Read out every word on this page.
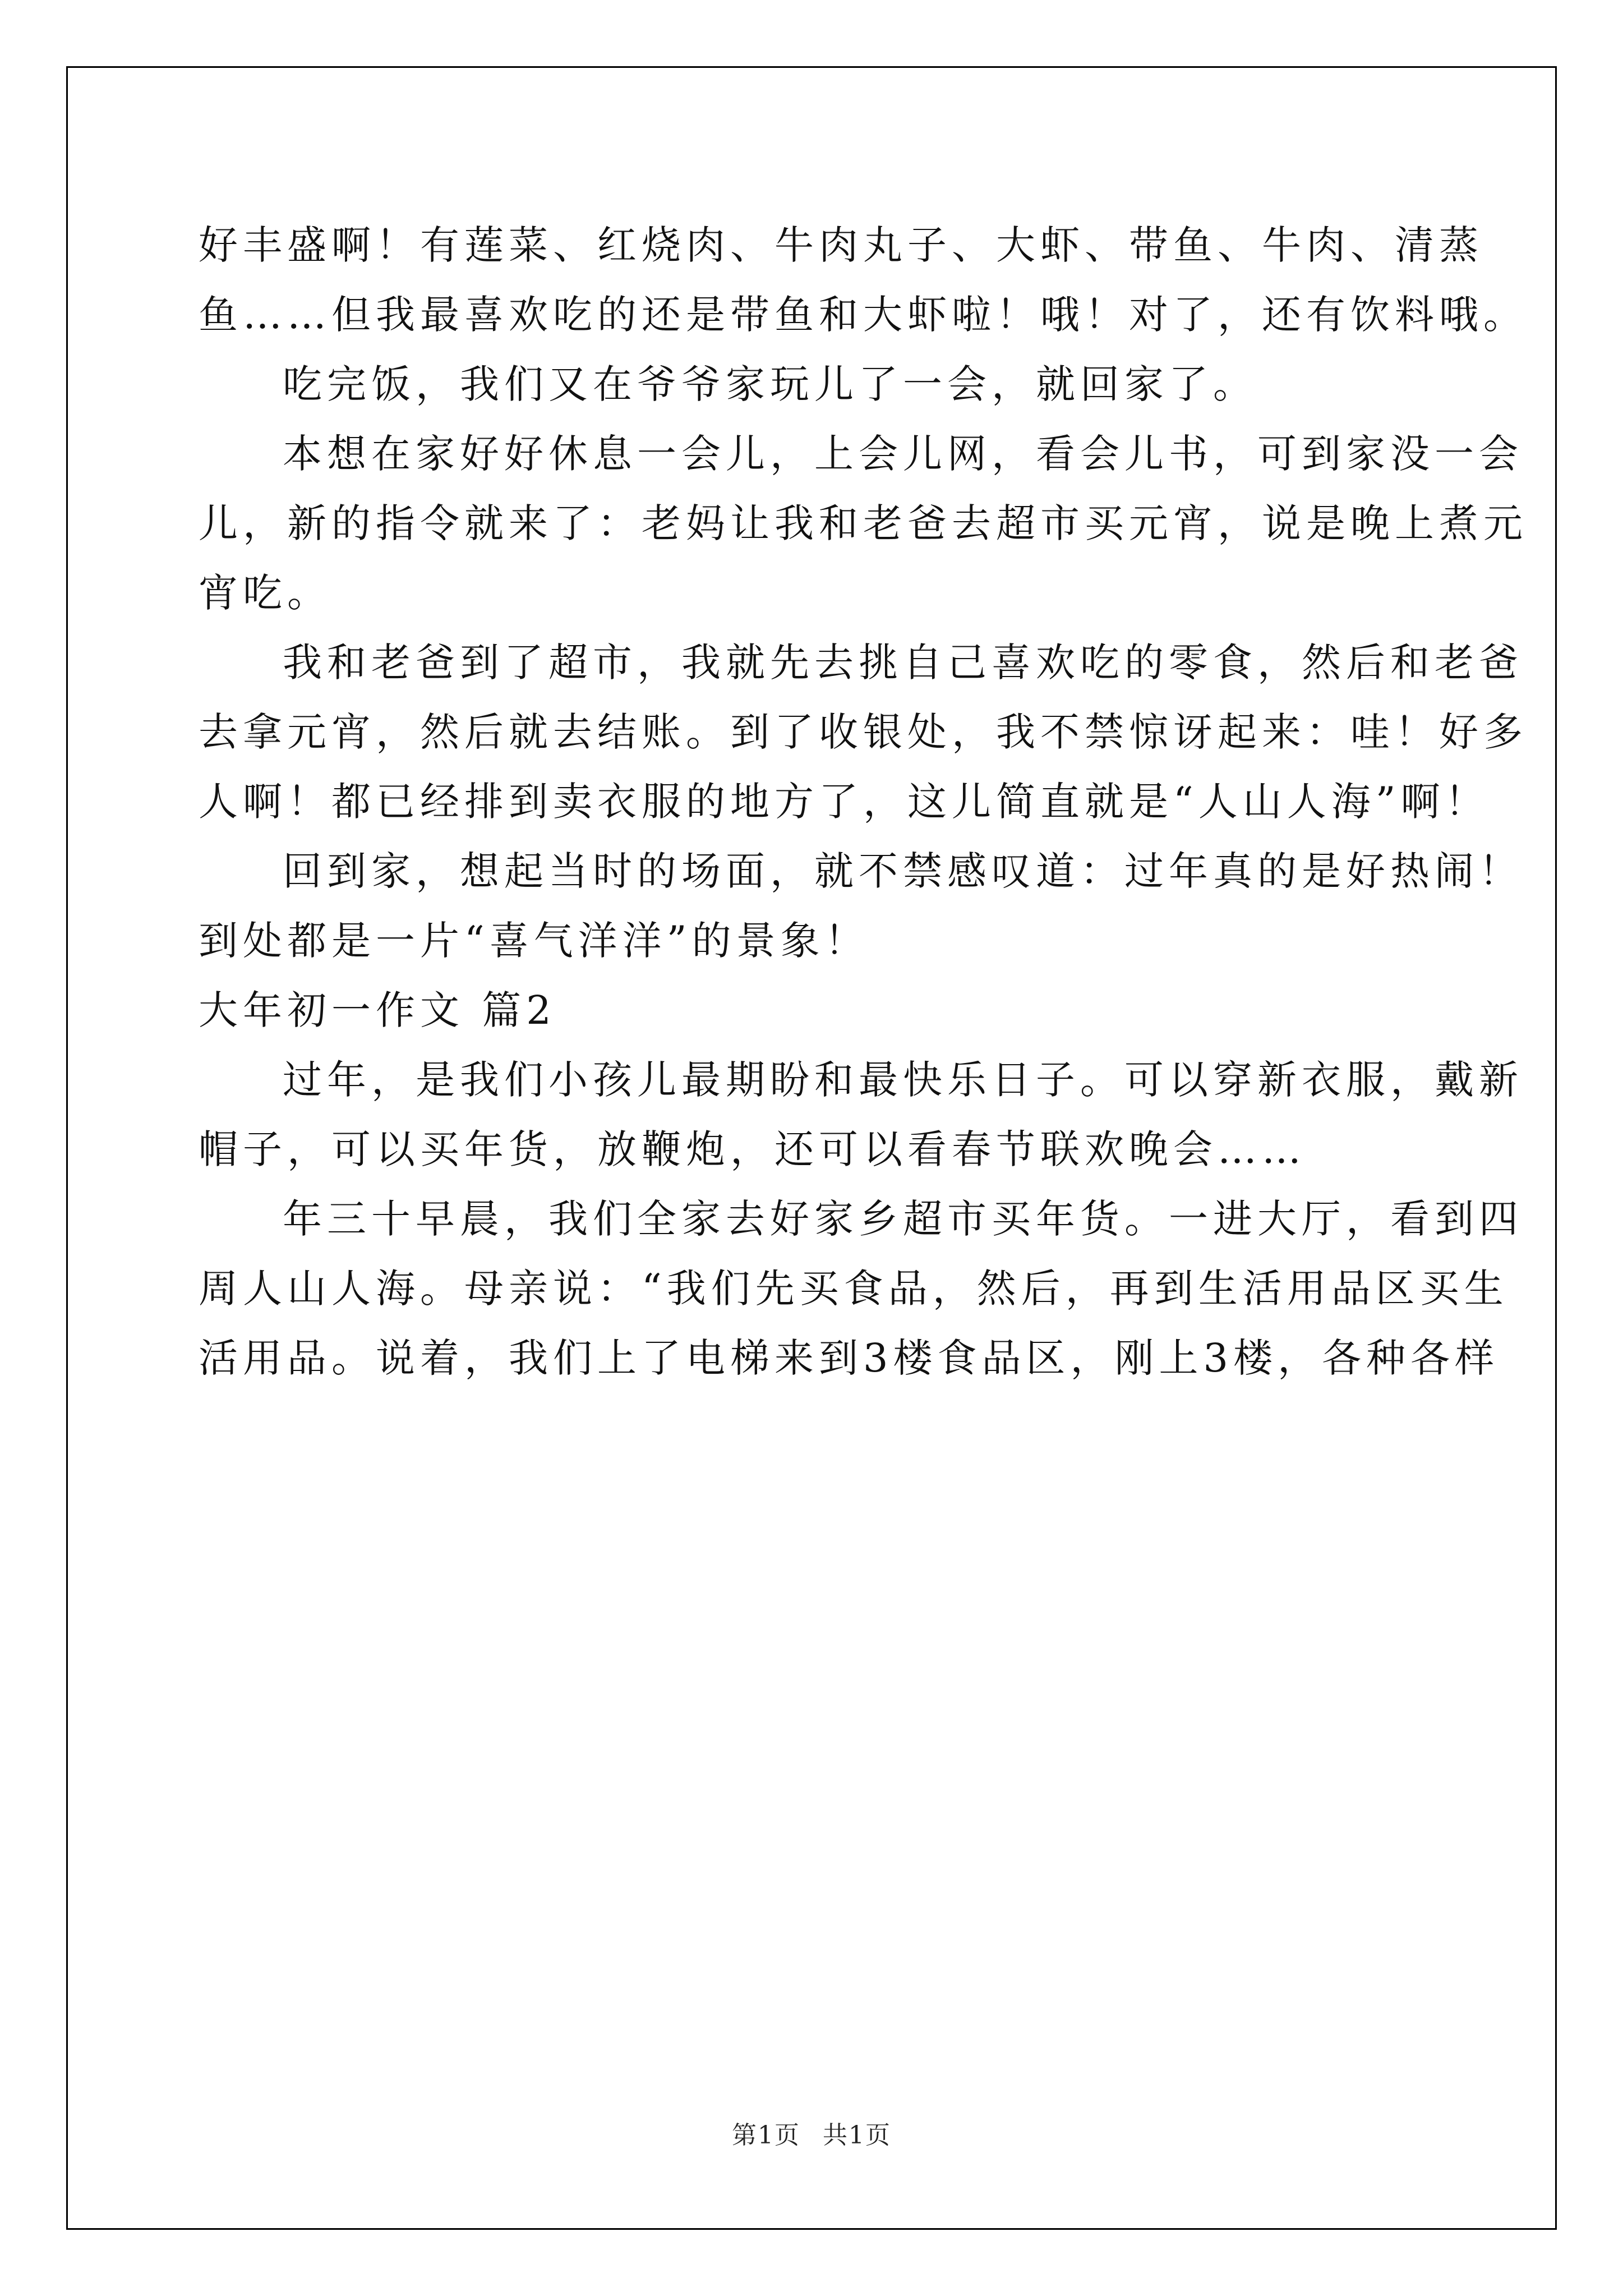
好丰盛啊！有莲菜、红烧肉、牛肉丸子、大虾、带鱼、牛肉、清蒸
鱼……但我最喜欢吃的还是带鱼和大虾啦！哦！对了，还有饮料哦。
吃完饭，我们又在爷爷家玩儿了一会，就回家了。
本想在家好好休息一会儿，上会儿网，看会儿书，可到家没一会
儿，新的指令就来了：老妈让我和老爸去超市买元宵，说是晚上煮元
宵吃。
我和老爸到了超市，我就先去挑自己喜欢吃的零食，然后和老爸
去拿元宵，然后就去结账。到了收银处，我不禁惊讶起来：哇！好多
人啊！都已经排到卖衣服的地方了，这儿简直就是“人山人海”啊！
回到家，想起当时的场面，就不禁感叹道：过年真的是好热闹！
到处都是一片“喜气洋洋”的景象！
大年初一作文 篇2
过年，是我们小孩儿最期盼和最快乐日子。可以穿新衣服，戴新
帽子，可以买年货，放鞭炮，还可以看春节联欢晚会……
年三十早晨，我们全家去好家乡超市买年货。一进大厅，看到四
周人山人海。母亲说：“我们先买食品，然后，再到生活用品区买生
活用品。说着，我们上了电梯来到3楼食品区，刚上3楼，各种各样
第1页 共1页
